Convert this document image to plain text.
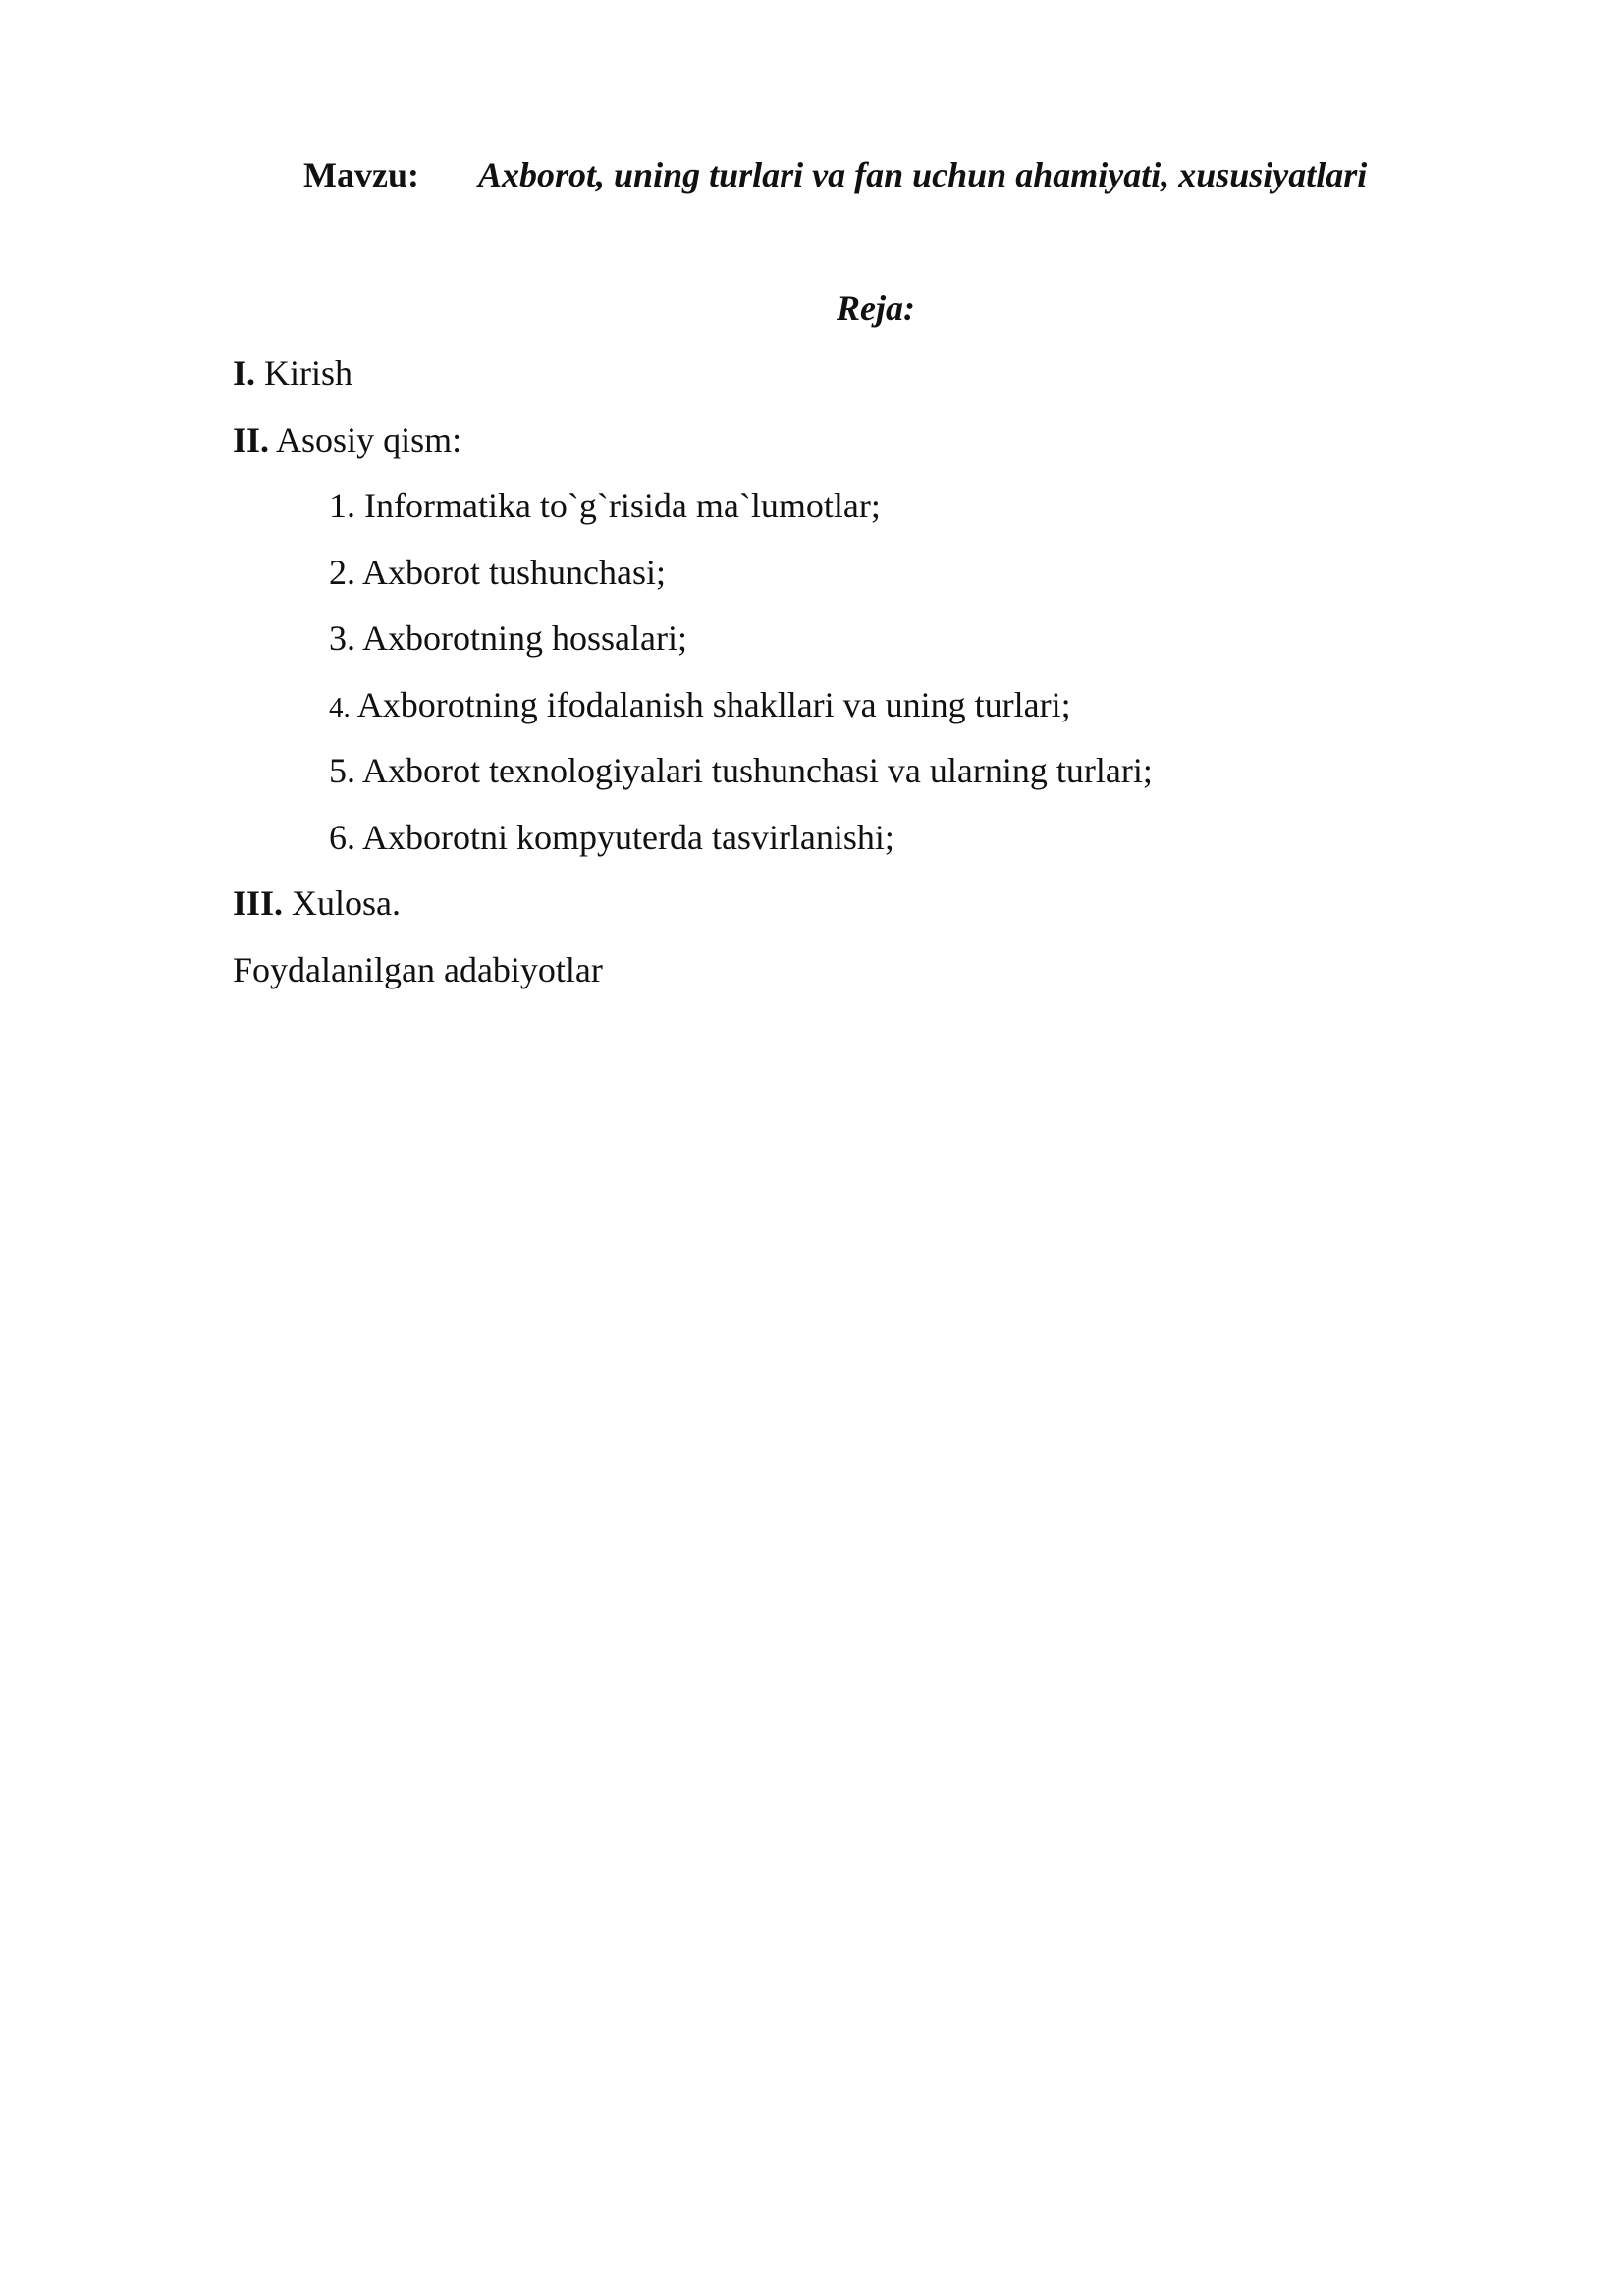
Mavzu: Axborot, uning turlari va fan uchun ahamiyati, xususiyatlari
Reja:
I. Kirish
II. Asosiy qism:
1. Informatika to`g`risida ma`lumotlar;
2. Axborot tushunchasi;
3. Axborotning hossalari;
4. Axborotning ifodalanish shakllari va uning turlari;
5. Axborot texnologiyalari tushunchasi va ularning turlari;
6. Axborotni kompyuterda tasvirlanishi;
III. Xulosa.
Foydalanilgan adabiyotlar
